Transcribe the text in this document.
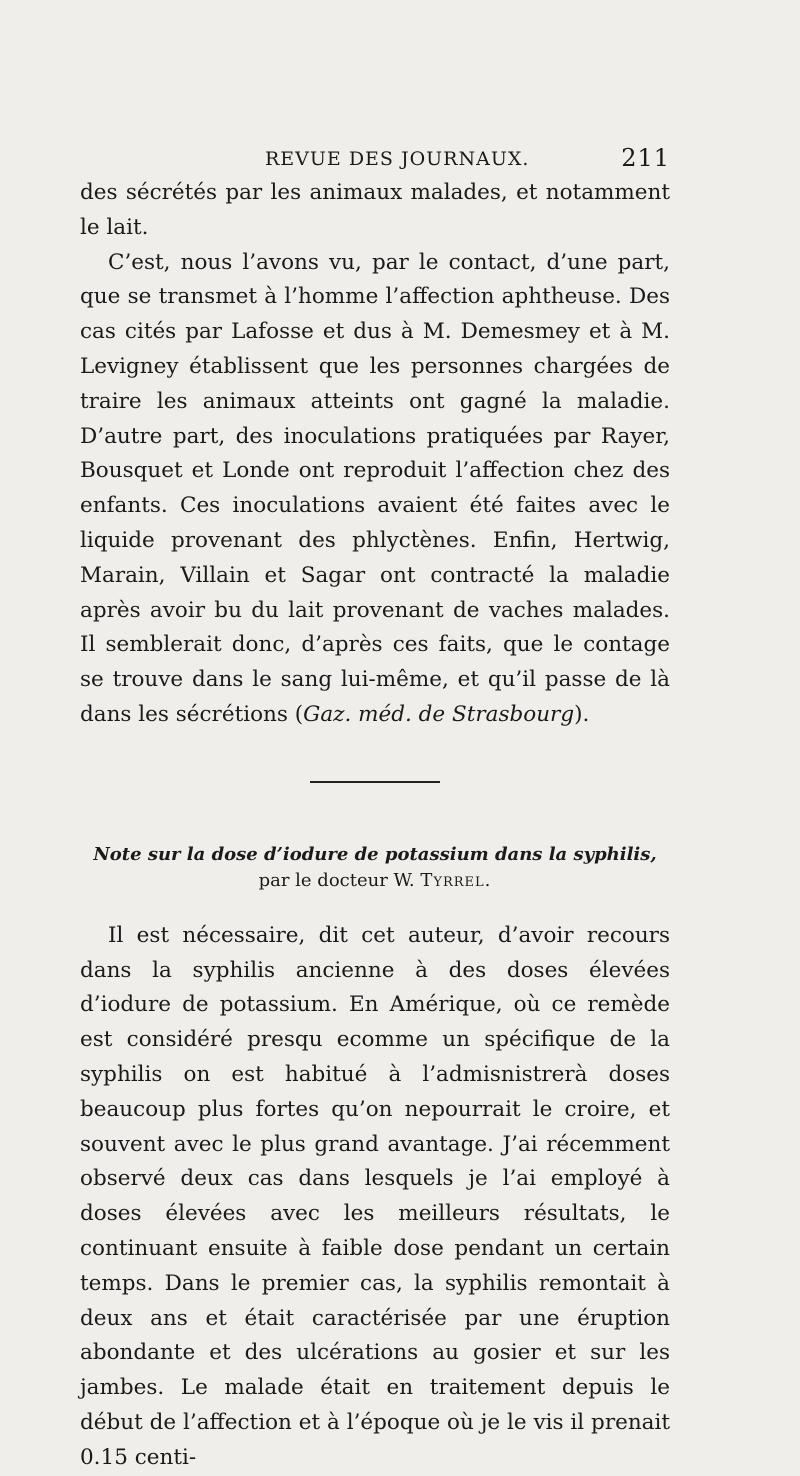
REVUE DES JOURNAUX.	211

des sécrétés par les animaux malades, et notamment le lait.

C’est, nous l’avons vu, par le contact, d’une part, que se transmet à l’homme l’affection aphtheuse. Des cas cités par Lafosse et dus à M. Demesmey et à M. Levigney établissent que les personnes chargées de traire les animaux atteints ont gagné la maladie. D’autre part, des inoculations pratiquées par Rayer, Bousquet et Londe ont reproduit l’affection chez des enfants. Ces inoculations avaient été faites avec le liquide provenant des phlyctènes. Enfin, Hertwig, Marain, Villain et Sagar ont contracté la maladie après avoir bu du lait provenant de vaches malades. Il semblerait donc, d’après ces faits, que le contage se trouve dans le sang lui-même, et qu’il passe de là dans les sécrétions (Gaz. méd. de Strasbourg).

Note sur la dose d’iodure de potassium dans la syphilis,

par le docteur W. Tyrrel.

Il est nécessaire, dit cet auteur, d’avoir recours dans la syphilis ancienne à des doses élevées d’iodure de potassium. En Amérique, où ce remède est considéré presqu ecomme un spécifique de la syphilis on est habitué à l’admisnistrerà doses beaucoup plus fortes qu’on nepourrait le croire, et souvent avec le plus grand avantage. J’ai récemment observé deux cas dans lesquels je l’ai employé à doses élevées avec les meilleurs résultats, le continuant ensuite à faible dose pendant un certain temps. Dans le premier cas, la syphilis remontait à deux ans et était caractérisée par une éruption abondante et des ulcérations au gosier et sur les jambes. Le malade était en traitement depuis le début de l’affection et à l’époque où je le vis il prenait 0.15 centi-
